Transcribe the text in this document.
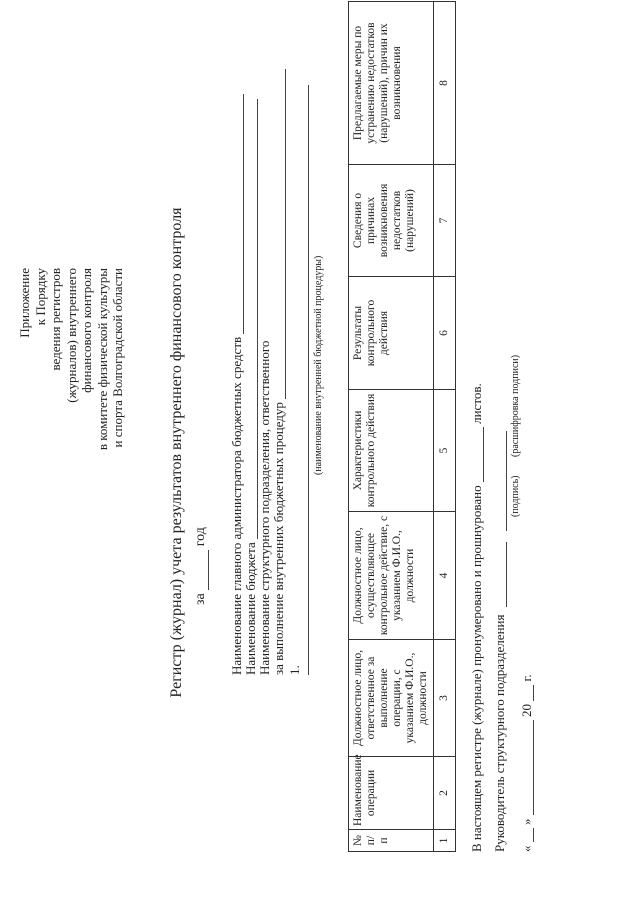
Приложение к Порядку ведения регистров (журналов) внутреннего финансового контроля в комитете физической культуры и спорта Волгоградской области	Регистр (журнал) учета результатов внутреннего финансового контроля за  год Наименование главного администратора бюджетных средств Наименование бюджета Наименование структурного подразделения, ответственного за выполнение внутренних бюджетных процедур 1.
(наименование внутренней бюджетной процедуры)
№ п/п	Наименование операции	Должностное лицо, ответственное за выполнение операции, с указанием Ф.И.О., должности	Должностное лицо, осуществляющее контрольное действие, с указанием Ф.И.О., должности	Характеристики контрольного действия	Результаты контрольного действия	Сведения о причинах возникновения недостатков (нарушений)	Предлагаемые меры по устранению недостатков (нарушений), причин их возникновения
1	2	3	4	5	6	7	8
В настоящем регистре (журнале) пронумеровано и прошнуровано  листов.
Руководитель структурного подразделения
(подпись)
(расшифровка подписи)
«  »  20  г.
